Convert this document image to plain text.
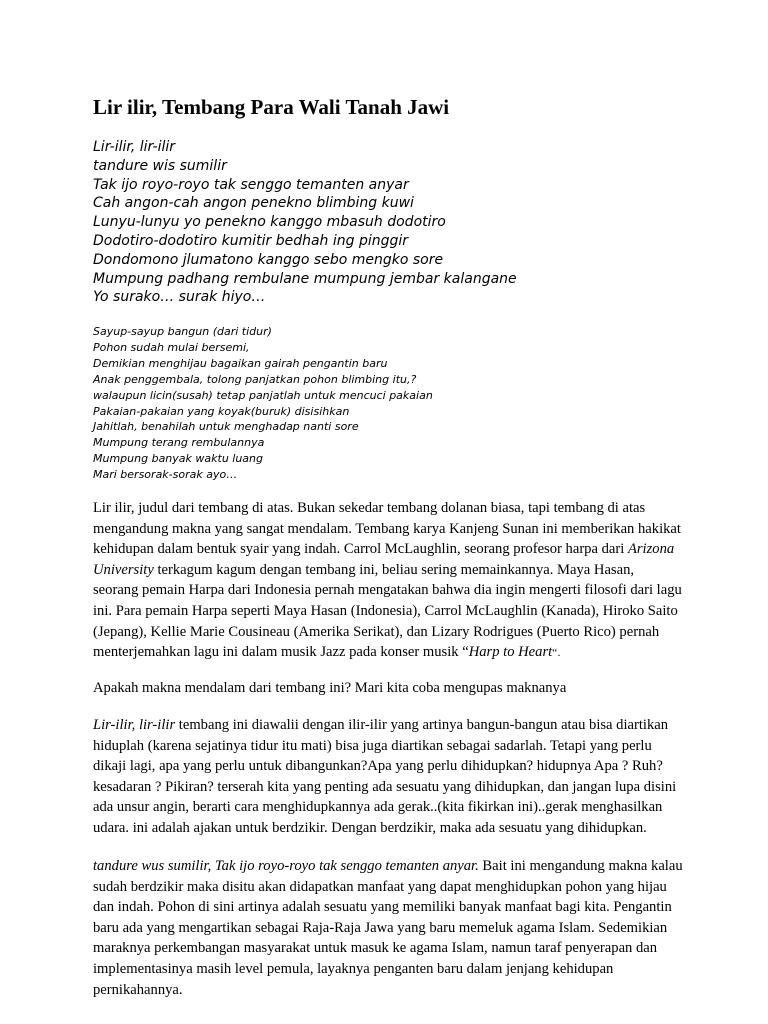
Lir ilir, Tembang Para Wali Tanah Jawi
Lir-ilir, lir-ilir
tandure wis sumilir
Tak ijo royo-royo tak senggo temanten anyar
Cah angon-cah angon penekno blimbing kuwi
Lunyu-lunyu yo penekno kanggo mbasuh dodotiro
Dodotiro-dodotiro kumitir bedhah ing pinggir
Dondomono jlumatono kanggo sebo mengko sore
Mumpung padhang rembulane mumpung jembar kalangane
Yo surako… surak hiyo…
Sayup-sayup bangun (dari tidur)
Pohon sudah mulai bersemi,
Demikian menghijau bagaikan gairah pengantin baru
Anak penggembala, tolong panjatkan pohon blimbing itu,?
walaupun licin(susah) tetap panjatlah untuk mencuci pakaian
Pakaian-pakaian yang koyak(buruk) disisihkan
Jahitlah, benahilah untuk menghadap nanti sore
Mumpung terang rembulannya
Mumpung banyak waktu luang
Mari bersorak-sorak ayo…

Lir ilir, judul dari tembang di atas. Bukan sekedar tembang dolanan biasa, tapi tembang di atas mengandung makna yang sangat mendalam. Tembang karya Kanjeng Sunan ini memberikan hakikat kehidupan dalam bentuk syair yang indah. Carrol McLaughlin, seorang profesor harpa dari Arizona University terkagum kagum dengan tembang ini, beliau sering memainkannya. Maya Hasan, seorang pemain Harpa dari Indonesia pernah mengatakan bahwa dia ingin mengerti filosofi dari lagu ini. Para pemain Harpa seperti Maya Hasan (Indonesia), Carrol McLaughlin (Kanada), Hiroko Saito (Jepang), Kellie Marie Cousineau (Amerika Serikat), dan Lizary Rodrigues (Puerto Rico) pernah menterjemahkan lagu ini dalam musik Jazz pada konser musik “Harp to Heart“.

Apakah makna mendalam dari tembang ini? Mari kita coba mengupas maknanya

Lir-ilir, lir-ilir tembang ini diawalii dengan ilir-ilir yang artinya bangun-bangun atau bisa diartikan hiduplah (karena sejatinya tidur itu mati) bisa juga diartikan sebagai sadarlah. Tetapi yang perlu dikaji lagi, apa yang perlu untuk dibangunkan?Apa yang perlu dihidupkan? hidupnya Apa ? Ruh? kesadaran ? Pikiran? terserah kita yang penting ada sesuatu yang dihidupkan, dan jangan lupa disini ada unsur angin, berarti cara menghidupkannya ada gerak..(kita fikirkan ini)..gerak menghasilkan udara. ini adalah ajakan untuk berdzikir. Dengan berdzikir, maka ada sesuatu yang dihidupkan.

tandure wus sumilir, Tak ijo royo-royo tak senggo temanten anyar. Bait ini mengandung makna kalau sudah berdzikir maka disitu akan didapatkan manfaat yang dapat menghidupkan pohon yang hijau dan indah. Pohon di sini artinya adalah sesuatu yang memiliki banyak manfaat bagi kita. Pengantin baru ada yang mengartikan sebagai Raja-Raja Jawa yang baru memeluk agama Islam. Sedemikian maraknya perkembangan masyarakat untuk masuk ke agama Islam, namun taraf penyerapan dan implementasinya masih level pemula, layaknya penganten baru dalam jenjang kehidupan pernikahannya.
